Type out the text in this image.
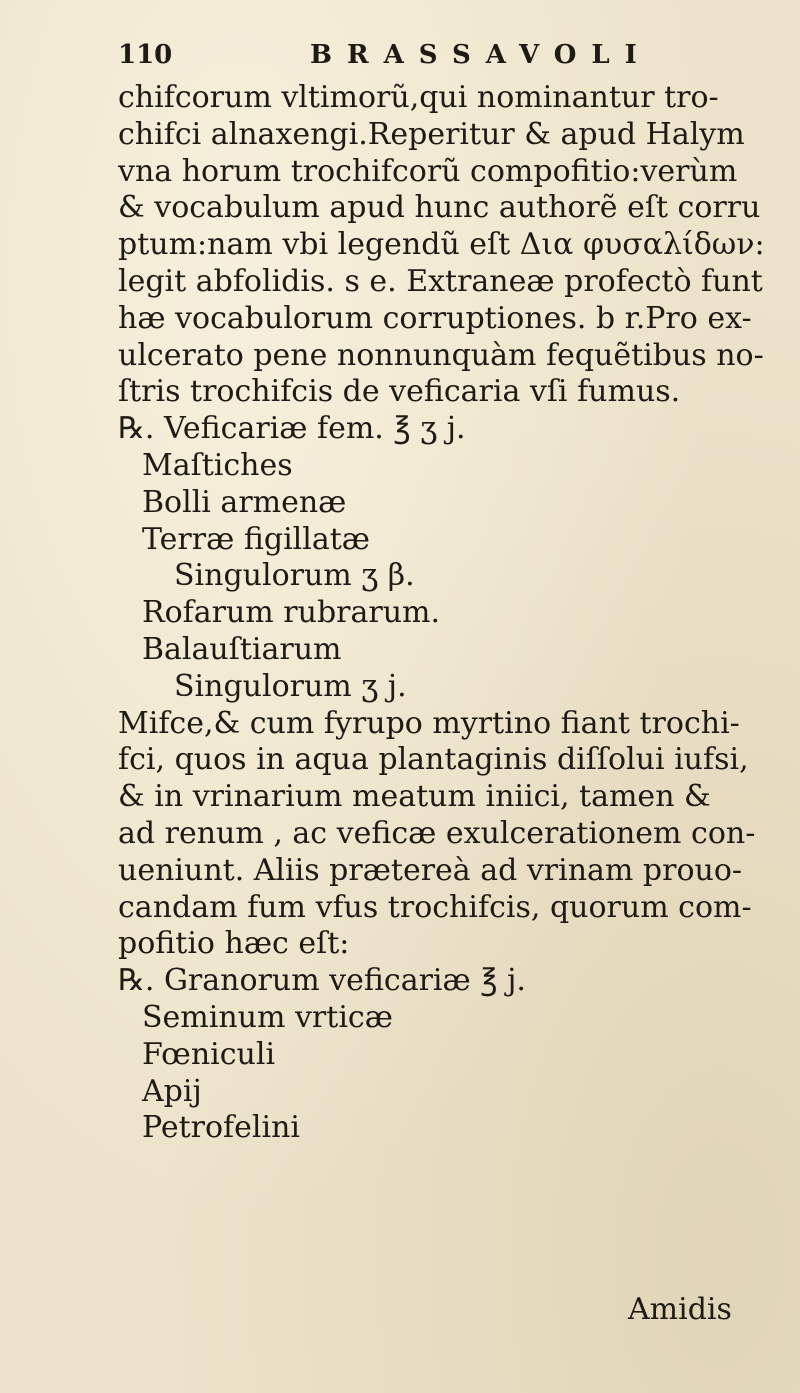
110	BRASSAVOLI
chifcorum vltimorũ,qui nominantur tro-
chifci alnaxengi.Reperitur & apud Halym
vna horum trochifcorũ compofitio:verùm
& vocabulum apud hunc authorẽ eſt corru
ptum:nam vbi legendũ eſt Δια φυσαλίδων:
legit abfolidis. s e. Extraneæ profectò funt
hæ vocabulorum corruptiones. b r.Pro ex-
ulcerato pene nonnunquàm fequẽtibus no-
ſtris trochifcis de veficaria vſi fumus.
℞. Veficariæ fem. ℥ ʒ j.
Maſtiches
Bolli armenæ
Terræ figillatæ
Singulorum ʒ β.
Rofarum rubrarum.
Balauſtiarum
Singulorum ʒ j.
Mifce,& cum fyrupo myrtino fiant trochi-
fci, quos in aqua plantaginis diſſolui iufsi,
& in vrinarium meatum iniici, tamen &
ad renum , ac veficæ exulcerationem con-
ueniunt. Aliis prætereà ad vrinam prouo-
candam fum vfus trochifcis, quorum com-
pofitio hæc eſt:
℞. Granorum veficariæ ℥ j.
Seminum vrticæ
Fœniculi
Apij
Petrofelini
Amidis
